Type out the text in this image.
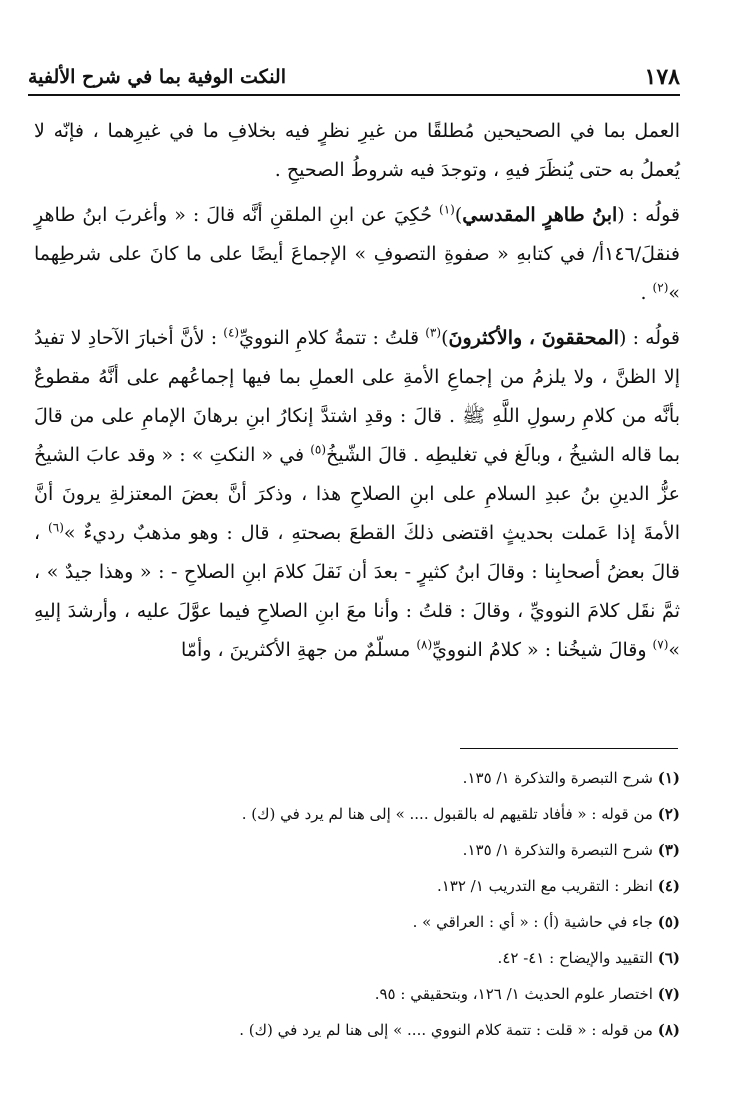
١٧٨
النكت الوفية بما في شرح الألفية

العمل بما في الصحيحين مُطلقًا من غيرِ نظرٍ فيه بخلافِ ما في غيرِهما ، فإنّه لا يُعملُ به حتى يُنظَرَ فيهِ ، وتوجدَ فيه شروطُ الصحيحِ .

قولُه : (ابنُ طاهرٍ المقدسي)$^{(١)}$ حُكِيَ عن ابنِ الملقنِ أنَّه قالَ : « وأغربَ ابنُ طاهرٍ فنقلَ/١٤٦أ/ في كتابهِ « صفوةِ التصوفِ » الإجماعَ أيضًا على ما كانَ على شرطِهما »$^{(٢)}$ .

قولُه : (المحققونَ ، والأكثرونَ)$^{(٣)}$ قلتُ : تتمةُ كلامِ النوويِّ$^{(٤)}$ : لأنَّ أخبارَ الآحادِ لا تفيدُ إلا الظنَّ ، ولا يلزمُ من إجماعِ الأمةِ على العملِ بما فيها إجماعُهم على أنَّهُ مقطوعٌ بأنَّه من كلامِ رسولِ اللَّهِ ﷺ . قالَ : وقدِ اشتدَّ إنكارُ ابنِ برهانَ الإمامِ على من قالَ بما قاله الشيخُ ، وبالَغ في تغليطِه . قالَ الشّيخُ$^{(٥)}$ في « النكتِ » : « وقد عابَ الشيخُ عزُّ الدينِ بنُ عبدِ السلامِ على ابنِ الصلاحِ هذا ، وذكرَ أنَّ بعضَ المعتزلةِ يرونَ أنَّ الأمةَ إذا عَملت بحديثٍ اقتضى ذلكَ القطعَ بصحتهِ ، قال : وهو مذهبٌ رديءٌ »$^{(٦)}$ ، قالَ بعضُ أصحابِنا : وقالَ ابنُ كثيرٍ - بعدَ أن نَقلَ كلامَ ابنِ الصلاحِ - : « وهذا جيدٌ » ، ثمَّ نقَل كلامَ النوويِّ ، وقالَ : قلتُ : وأنا معَ ابنِ الصلاحِ فيما عوَّلَ عليه ، وأرشدَ إليهِ »$^{(٧)}$ وقالَ شيخُنا : « كلامُ النوويِّ$^{(٨)}$ مسلّمٌ من جهةِ الأكثرينَ ، وأمّا

(١) شرح التبصرة والتذكرة ١/ ١٣٥.
(٢) من قوله : « فأفاد تلقيهم له بالقبول .... » إلى هنا لم يرد في (ك) .
(٣) شرح التبصرة والتذكرة ١/ ١٣٥.
(٤) انظر : التقريب مع التدريب ١/ ١٣٢.
(٥) جاء في حاشية (أ) : « أي : العراقي » .
(٦) التقييد والإيضاح : ٤١- ٤٢.
(٧) اختصار علوم الحديث ١/ ١٢٦، وبتحقيقي : ٩٥.
(٨) من قوله : « قلت : تتمة كلام النووي .... » إلى هنا لم يرد في (ك) .
